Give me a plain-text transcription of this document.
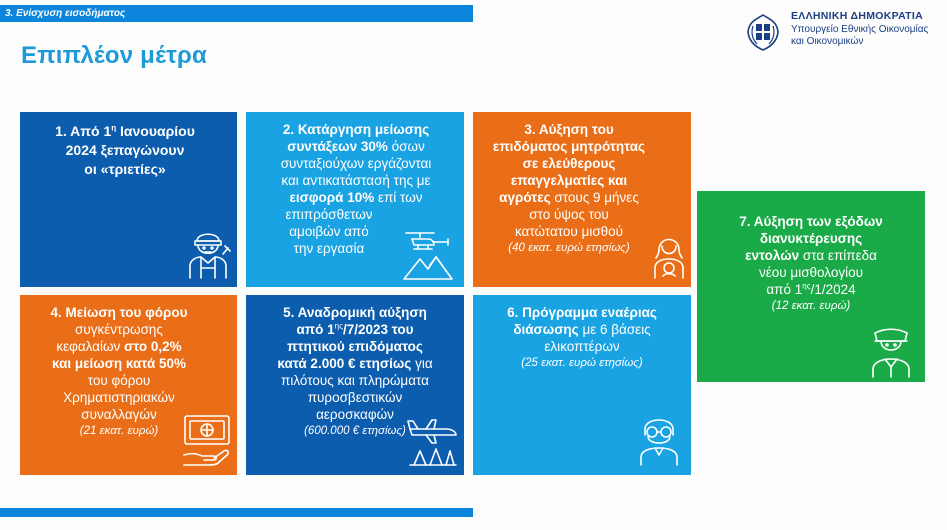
3. Ενίσχυση εισοδήματος
Επιπλέον μέτρα
ΕΛΛΗΝΙΚΗ ΔΗΜΟΚΡΑΤΙΑ
Υπουργείο Εθνικής Οικονομίας
και Οικονομικών
1. Από $1^\eta$ Ιανουαρίου
2024 ξεπαγώνουν
οι «τριετίες»
2. Κατάργηση μείωσης
συντάξεων 30% όσων
συνταξιούχων εργάζονται
και αντικατάστασή της με
εισφορά 10% επί των
επιπρόσθετων
αμοιβών από
την εργασία
3. Αύξηση του
επιδόματος μητρότητας
σε ελεύθερους
επαγγελματίες και
αγρότες στους 9 μήνες
στο ύψος του
κατώτατου μισθού
(40 εκατ. ευρώ ετησίως)
4. Μείωση του φόρου
συγκέντρωσης
κεφαλαίων στο 0,2%
και μείωση κατά 50%
του φόρου
Χρηματιστηριακών
συναλλαγών
(21 εκατ. ευρώ)
5. Αναδρομική αύξηση
από $1^{\eta\varsigma}/7/2023$ του
πτητικού επιδόματος
κατά 2.000 € ετησίως για
πιλότους και πληρώματα
πυροσβεστικών
αεροσκαφών
(600.000 € ετησίως)
6. Πρόγραμμα εναέριας
διάσωσης με 6 βάσεις
ελικοπτέρων
(25 εκατ. ευρώ ετησίως)
7. Αύξηση των εξόδων
διανυκτέρευσης
εντολών στα επίπεδα
νέου μισθολογίου
από $1^{\eta\varsigma}/1/2024$
(12 εκατ. ευρώ)
